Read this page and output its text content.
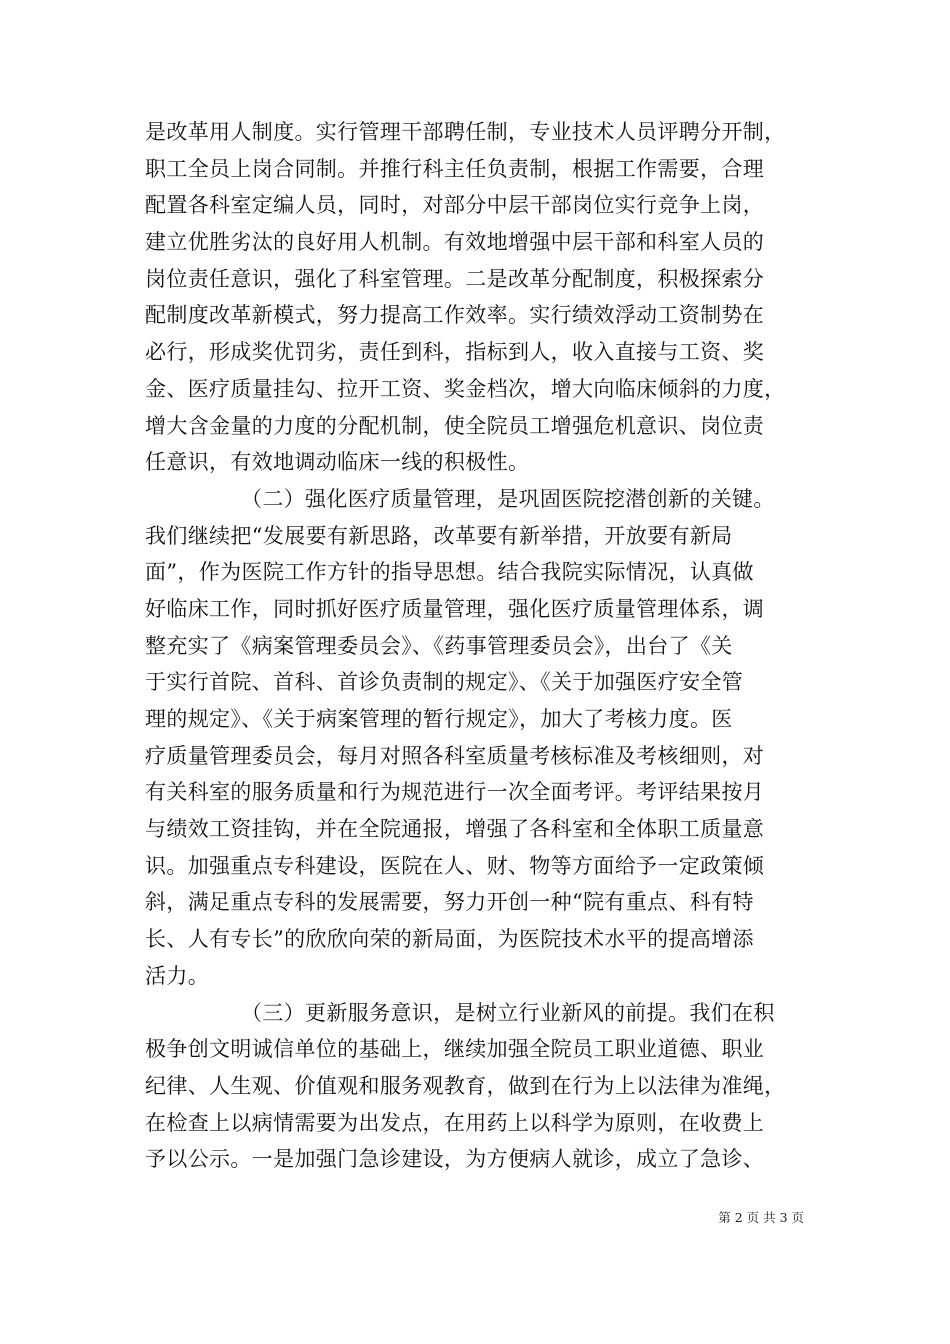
是改革用人制度。实行管理干部聘任制，专业技术人员评聘分开制，
职工全员上岗合同制。并推行科主任负责制，根据工作需要，合理
配置各科室定编人员，同时，对部分中层干部岗位实行竞争上岗，
建立优胜劣汰的良好用人机制。有效地增强中层干部和科室人员的
岗位责任意识，强化了科室管理。二是改革分配制度，积极探索分
配制度改革新模式，努力提高工作效率。实行绩效浮动工资制势在
必行，形成奖优罚劣，责任到科，指标到人，收入直接与工资、奖
金、医疗质量挂勾、拉开工资、奖金档次，增大向临床倾斜的力度，
增大含金量的力度的分配机制，使全院员工增强危机意识、岗位责
任意识，有效地调动临床一线的积极性。
（二）强化医疗质量管理，是巩固医院挖潜创新的关键。
我们继续把“发展要有新思路，改革要有新举措，开放要有新局
面”，作为医院工作方针的指导思想。结合我院实际情况，认真做
好临床工作，同时抓好医疗质量管理，强化医疗质量管理体系，调
整充实了《病案管理委员会》、《药事管理委员会》，出台了《关
于实行首院、首科、首诊负责制的规定》、《关于加强医疗安全管
理的规定》、《关于病案管理的暂行规定》，加大了考核力度。医
疗质量管理委员会，每月对照各科室质量考核标准及考核细则，对
有关科室的服务质量和行为规范进行一次全面考评。考评结果按月
与绩效工资挂钩，并在全院通报，增强了各科室和全体职工质量意
识。加强重点专科建设，医院在人、财、物等方面给予一定政策倾
斜，满足重点专科的发展需要，努力开创一种“院有重点、科有特
长、人有专长”的欣欣向荣的新局面，为医院技术水平的提高增添
活力。
（三）更新服务意识，是树立行业新风的前提。我们在积
极争创文明诚信单位的基础上，继续加强全院员工职业道德、职业
纪律、人生观、价值观和服务观教育，做到在行为上以法律为准绳，
在检查上以病情需要为出发点，在用药上以科学为原则，在收费上
予以公示。一是加强门急诊建设，为方便病人就诊，成立了急诊、
第 2 页 共 3 页
